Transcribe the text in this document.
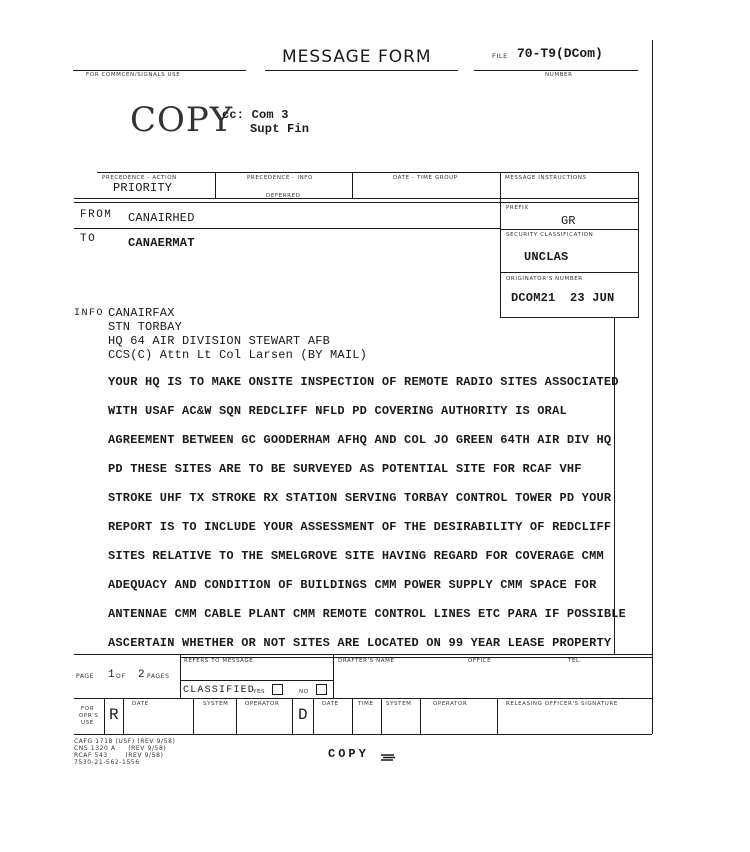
MESSAGE FORM	FILE 70-T9(DCom)
FOR COMMCEN/SIGNALS USE	NUMBER
COPY
cc: Com 3
Supt Fin
PRECEDENCE - ACTION
PRIORITY
PRECEDENCE - INFO
DEFERRED
DATE - TIME GROUP	MESSAGE INSTRUCTIONS
PREFIX
GR
SECURITY CLASSIFICATION
UNCLAS
ORIGINATOR'S NUMBER
DCOM21 23 JUN
FROM CANAIRHED
TO	CANAERMAT
INFO CANAIRFAX
STN TORBAY
HQ 64 AIR DIVISION STEWART AFB
CCS(C) Attn Lt Col Larsen (BY MAIL)
YOUR HQ IS TO MAKE ONSITE INSPECTION OF REMOTE RADIO SITES ASSOCIATED
WITH USAF AC&W SQN REDCLIFF NFLD PD COVERING AUTHORITY IS ORAL
AGREEMENT BETWEEN GC GOODERHAM AFHQ AND COL JO GREEN 64TH AIR DIV HQ
PD THESE SITES ARE TO BE SURVEYED AS POTENTIAL SITE FOR RCAF VHF
STROKE UHF TX STROKE RX STATION SERVING TORBAY CONTROL TOWER PD YOUR
REPORT IS TO INCLUDE YOUR ASSESSMENT OF THE DESIRABILITY OF REDCLIFF
SITES RELATIVE TO THE SMELGROVE SITE HAVING REGARD FOR COVERAGE CMM
ADEQUACY AND CONDITION OF BUILDINGS CMM POWER SUPPLY CMM SPACE FOR
ANTENNAE CMM CABLE PLANT CMM REMOTE CONTROL LINES ETC PARA IF POSSIBLE
ASCERTAIN WHETHER OR NOT SITES ARE LOCATED ON 99 YEAR LEASE PROPERTY
PAGE 1 OF 2 PAGES
REFERS TO MESSAGE	DRAFTER'S NAME	OFFICE	TEL.
CLASSIFIED
YES	NO
FOR
OPR'S
USE R
DATE	SYSTEM	OPERATOR
D
DATE	TIME SYSTEM	OPERATOR	RELEASING OFFICER'S SIGNATURE
CAFG 1718 (USF) (REV 9/58)
CNS 1320 A     (REV 9/58)
RCAF 543       (REV 9/58)
7530-21-562-1556
COPY
